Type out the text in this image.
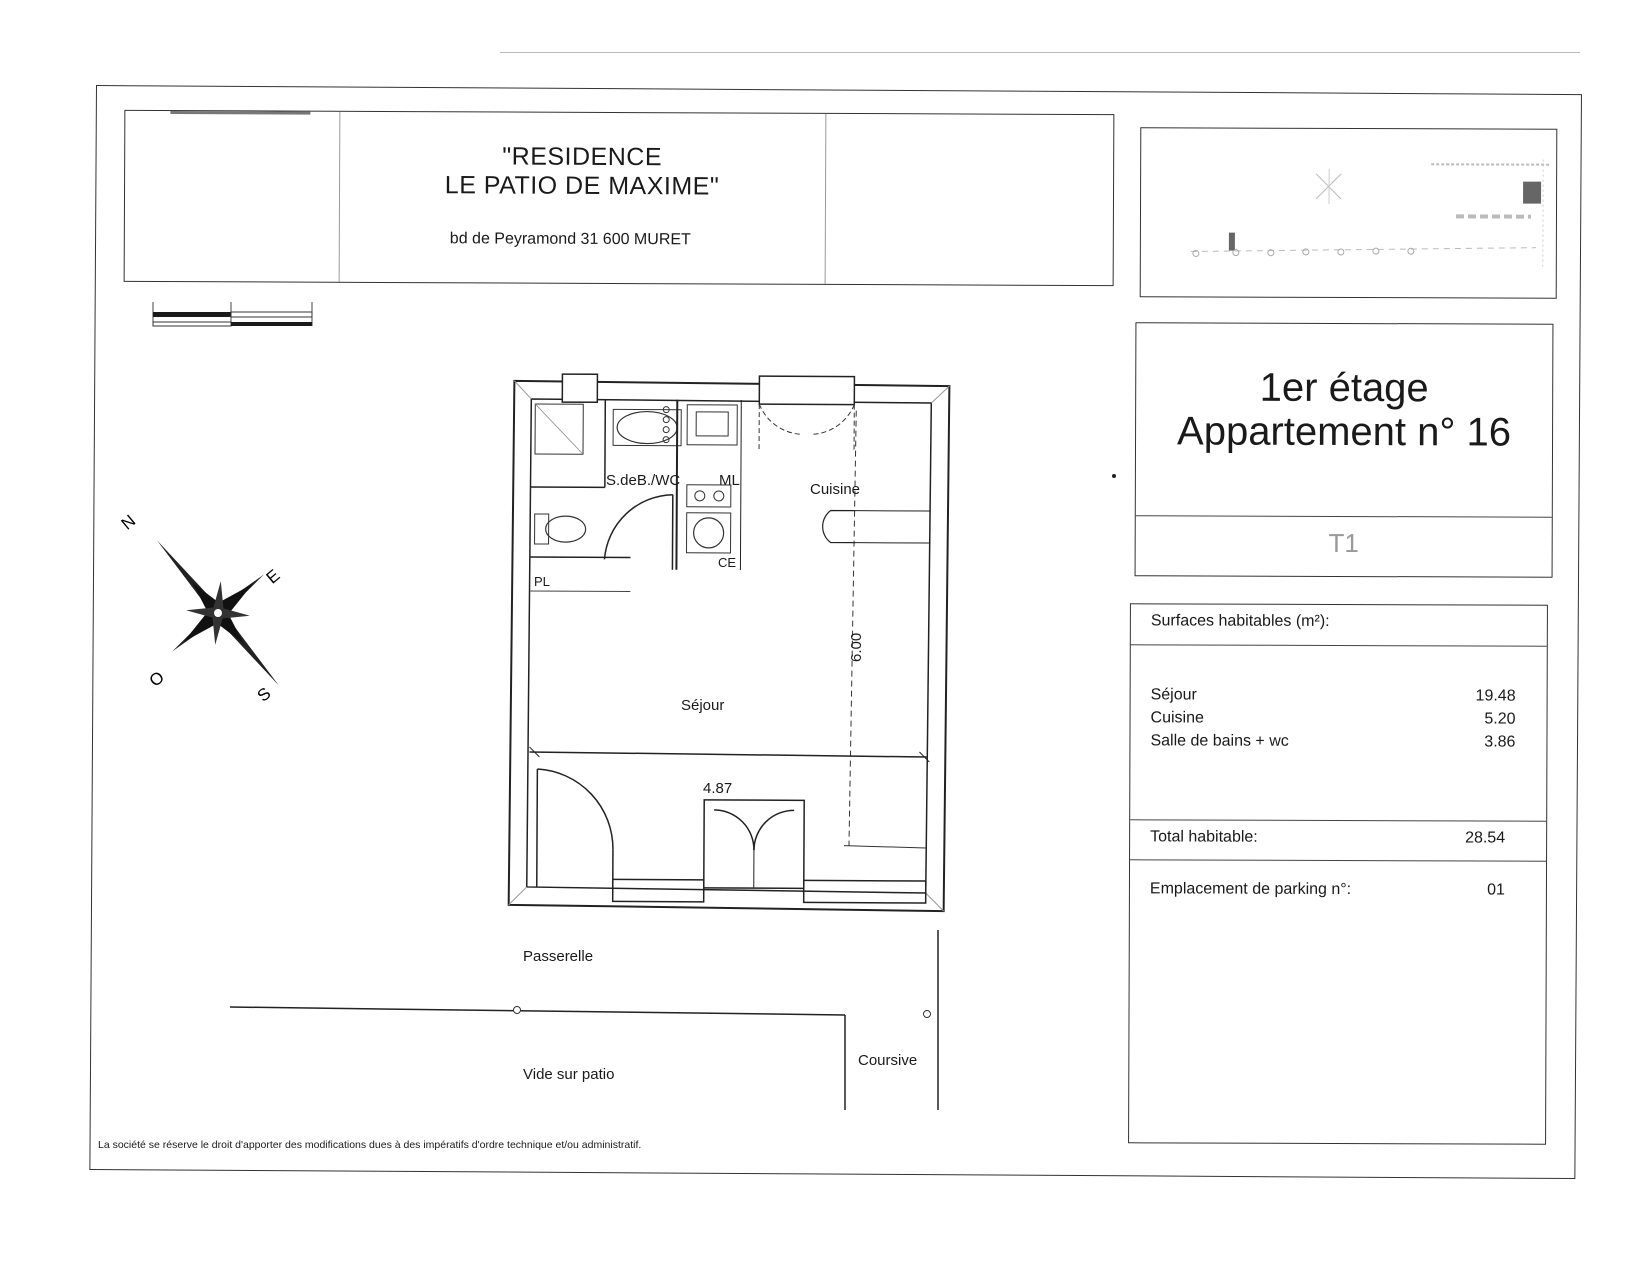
"RESIDENCE
LE PATIO DE MAXIME"
bd de Peyramond 31 600 MURET
1er étage
Appartement n° 16
T1
Surfaces habitables (m²):
Séjour	19.48
Cuisine	5.20
Salle de bains + wc	3.86
Total habitable:	28.54
Emplacement de parking n°:	01
N
E
S
O
S.deB./WC	ML
Cuisine
PL
CE
Séjour
4.87
6.00
Passerelle
Vide sur patio
Coursive
La société se réserve le droit d'apporter des modifications dues à des impératifs d'ordre technique et/ou administratif.
